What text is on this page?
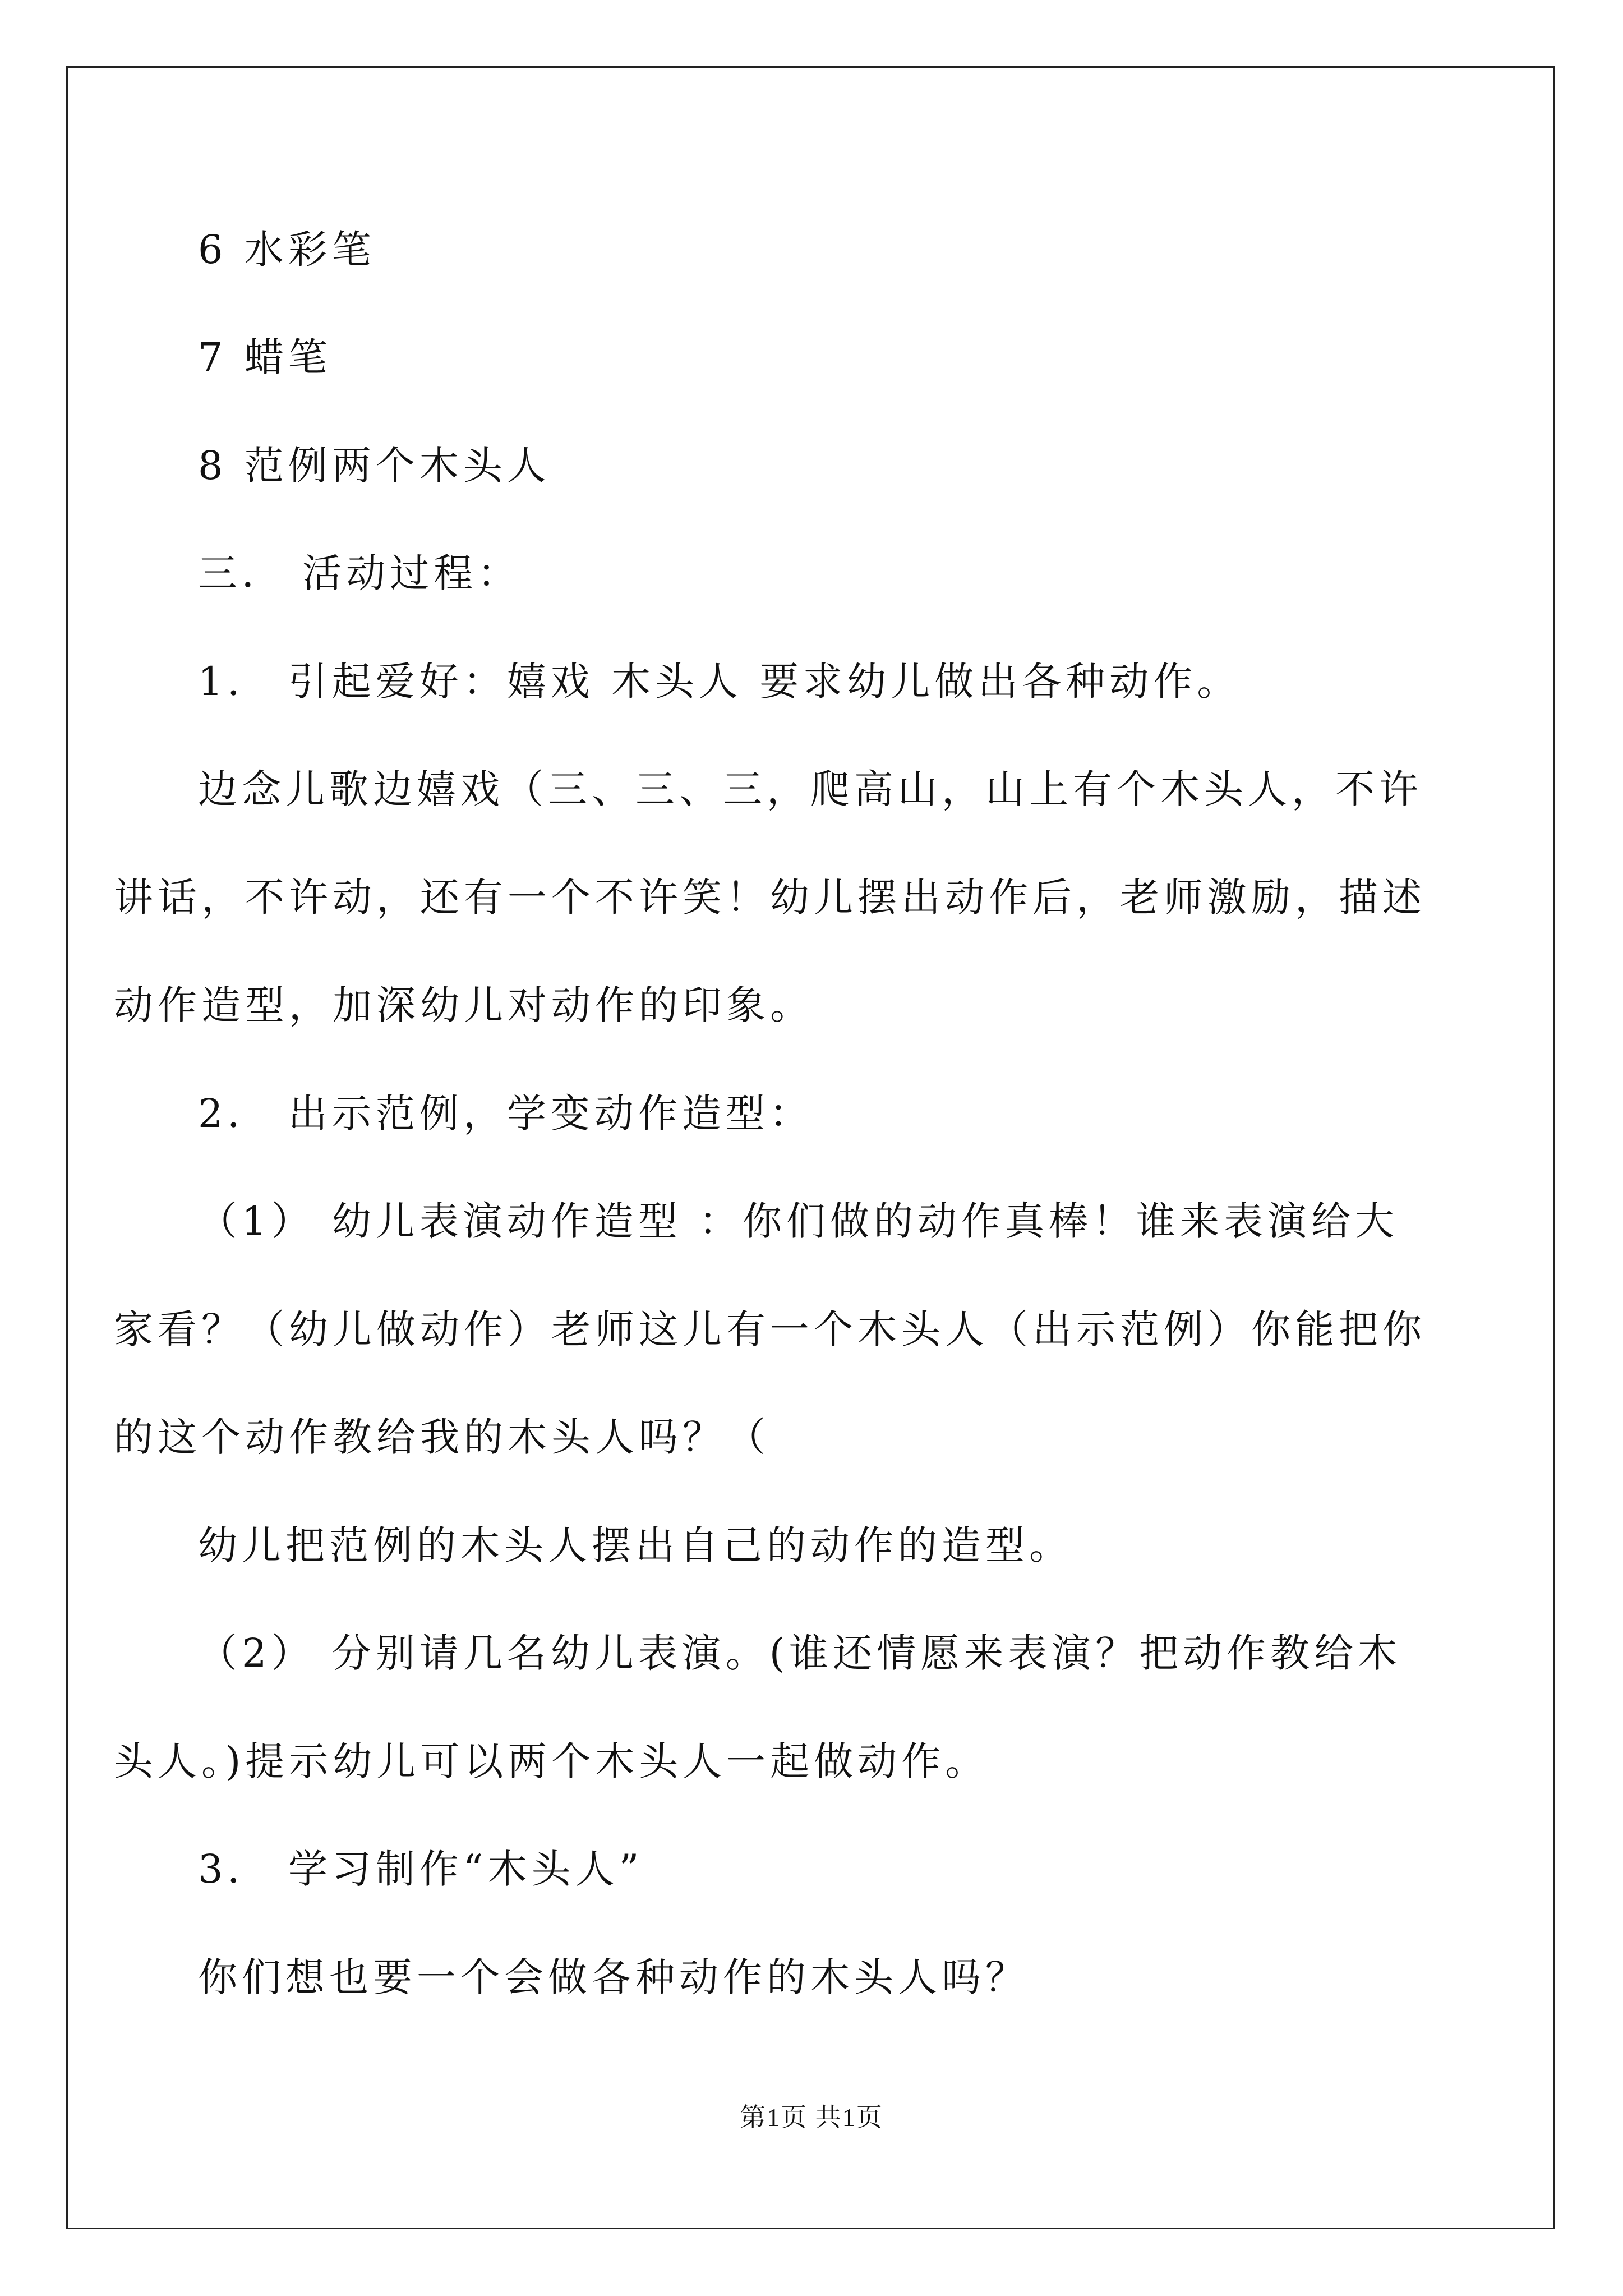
6 水彩笔
7 蜡笔
8 范例两个木头人
三． 活动过程：
1． 引起爱好：嬉戏 木头人 要求幼儿做出各种动作。
边念儿歌边嬉戏（三、三、三，爬高山，山上有个木头人，不许
讲话，不许动，还有一个不许笑！幼儿摆出动作后，老师激励，描述
动作造型，加深幼儿对动作的印象。
2． 出示范例，学变动作造型：
（1） 幼儿表演动作造型 ：你们做的动作真棒！谁来表演给大
家看？（幼儿做动作）老师这儿有一个木头人（出示范例）你能把你
的这个动作教给我的木头人吗？（
幼儿把范例的木头人摆出自己的动作的造型。
（2） 分别请几名幼儿表演。(谁还情愿来表演？把动作教给木
头人。)提示幼儿可以两个木头人一起做动作。
3． 学习制作“木头人”
你们想也要一个会做各种动作的木头人吗？
第1页 共1页
